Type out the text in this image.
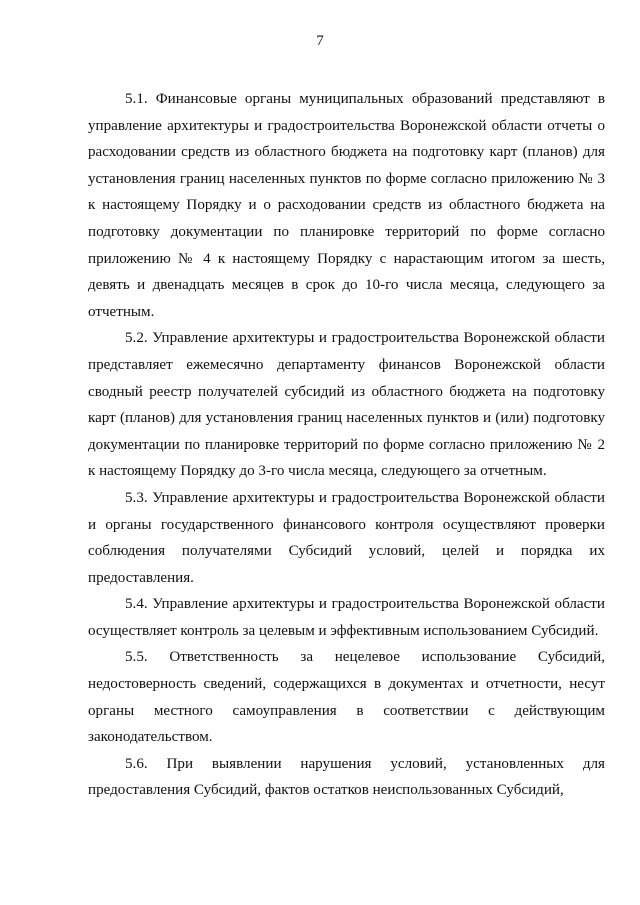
7

5.1. Финансовые органы муниципальных образований представляют в управление архитектуры и градостроительства Воронежской области отчеты о расходовании средств из областного бюджета на подготовку карт (планов) для установления границ населенных пунктов по форме согласно приложению № 3 к настоящему Порядку и о расходовании средств из областного бюджета на подготовку документации по планировке территорий по форме согласно приложению № 4 к настоящему Порядку с нарастающим итогом за шесть, девять и двенадцать месяцев в срок до 10-го числа месяца, следующего за отчетным.

5.2. Управление архитектуры и градостроительства Воронежской области представляет ежемесячно департаменту финансов Воронежской области сводный реестр получателей субсидий из областного бюджета на подготовку карт (планов) для установления границ населенных пунктов и (или) подготовку документации по планировке территорий по форме согласно приложению № 2 к настоящему Порядку до 3-го числа месяца, следующего за отчетным.

5.3. Управление архитектуры и градостроительства Воронежской области и органы государственного финансового контроля осуществляют проверки соблюдения получателями Субсидий условий, целей и порядка их предоставления.

5.4. Управление архитектуры и градостроительства Воронежской области осуществляет контроль за целевым и эффективным использованием Субсидий.

5.5. Ответственность за нецелевое использование Субсидий, недостоверность сведений, содержащихся в документах и отчетности, несут органы местного самоуправления в соответствии с действующим законодательством.

5.6. При выявлении нарушения условий, установленных для предоставления Субсидий, фактов остатков неиспользованных Субсидий,
